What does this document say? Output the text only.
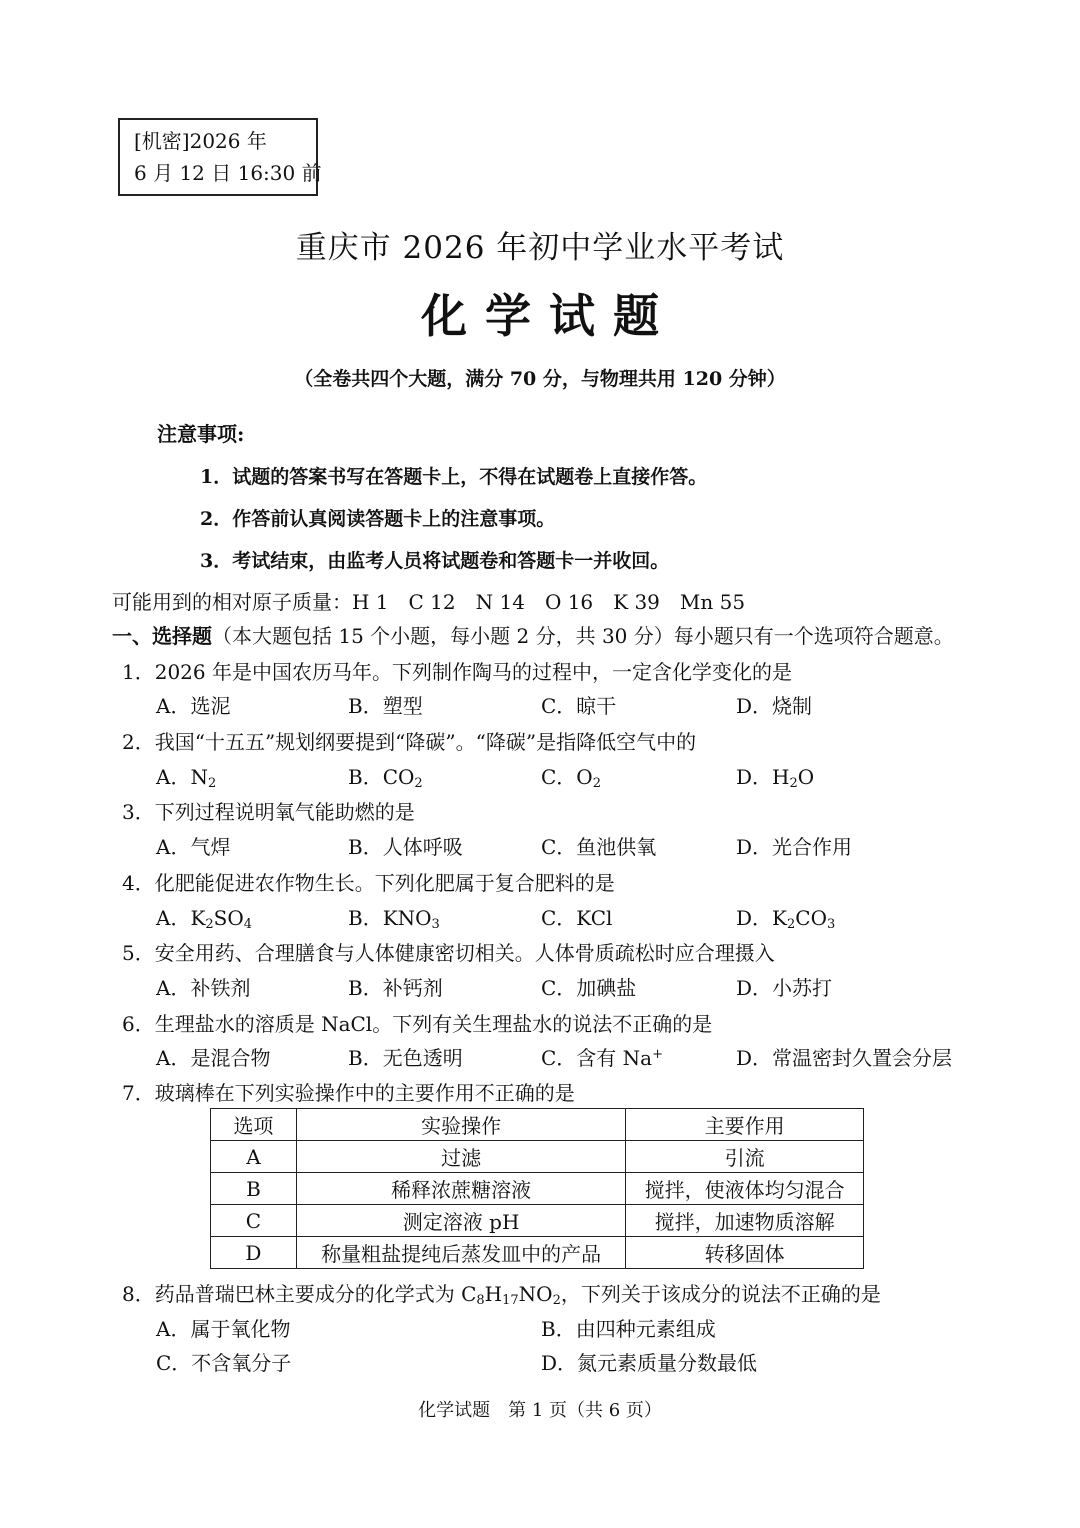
[机密]2026 年
6 月 12 日 16:30 前
重庆市 2026 年初中学业水平考试
化学试题
（全卷共四个大题，满分 70 分，与物理共用 120 分钟）
注意事项:
1．试题的答案书写在答题卡上，不得在试题卷上直接作答。
2．作答前认真阅读答题卡上的注意事项。
3．考试结束，由监考人员将试题卷和答题卡一并收回。
可能用到的相对原子质量：H 1　C 12　N 14　O 16　K 39　Mn 55
一、选择题（本大题包括 15 个小题，每小题 2 分，共 30 分）每小题只有一个选项符合题意。
1．2026 年是中国农历马年。下列制作陶马的过程中，一定含化学变化的是
A．选泥	B．塑型	C．晾干	D．烧制
2．我国“十五五”规划纲要提到“降碳”。“降碳”是指降低空气中的
A．$N_2$	B．$CO_2$	C．$O_2$	D．$H_2O$
3．下列过程说明氧气能助燃的是
A．气焊	B．人体呼吸	C．鱼池供氧	D．光合作用
4．化肥能促进农作物生长。下列化肥属于复合肥料的是
A．$K_2SO_4$	B．$KNO_3$	C．KCl	D．$K_2CO_3$
5．安全用药、合理膳食与人体健康密切相关。人体骨质疏松时应合理摄入
A．补铁剂	B．补钙剂	C．加碘盐	D．小苏打
6．生理盐水的溶质是 NaCl。下列有关生理盐水的说法不正确的是
A．是混合物	B．无色透明	C．含有 Na+	D．常温密封久置会分层
7．玻璃棒在下列实验操作中的主要作用不正确的是
选项	实验操作	主要作用
A	过滤	引流
B	稀释浓蔗糖溶液	搅拌，使液体均匀混合
C	测定溶液 pH	搅拌，加速物质溶解
D	称量粗盐提纯后蒸发皿中的产品	转移固体
8．药品普瑞巴林主要成分的化学式为 $C_8H_{17}NO_2$，下列关于该成分的说法不正确的是
A．属于氧化物	B．由四种元素组成
C．不含氧分子	D．氮元素质量分数最低
化学试题　第 1 页（共 6 页）
